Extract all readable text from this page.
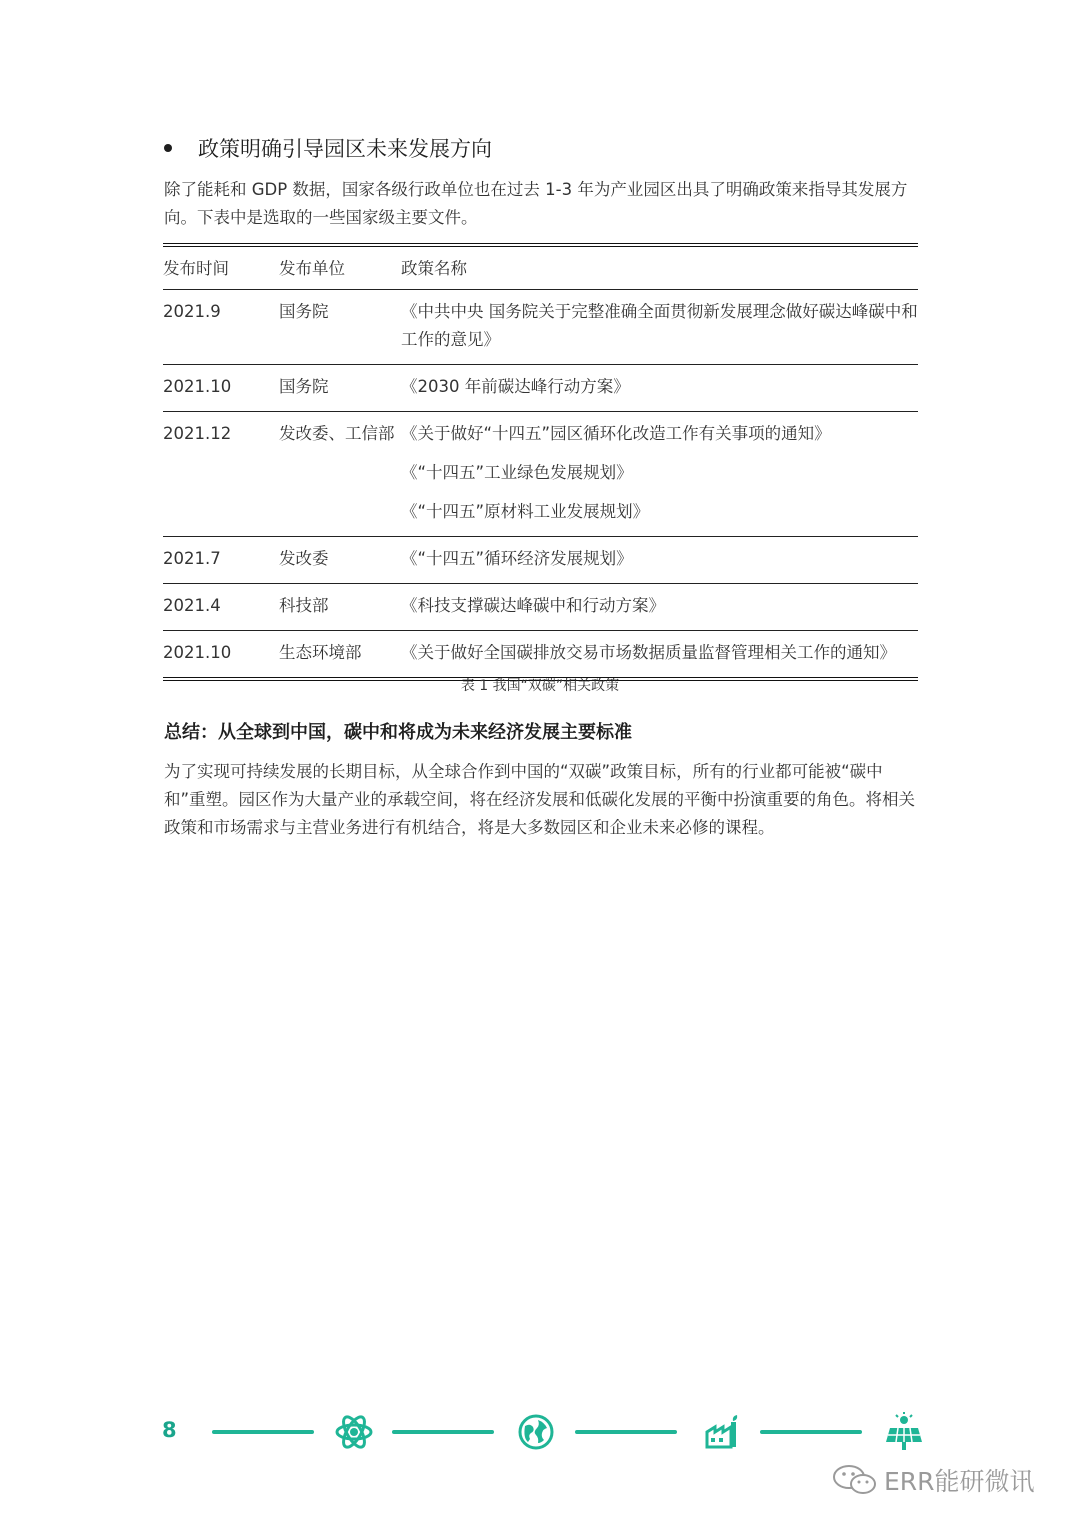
政策明确引导园区未来发展方向
除了能耗和 GDP 数据，国家各级行政单位也在过去 1-3 年为产业园区出具了明确政策来指导其发展方向。下表中是选取的一些国家级主要文件。

发布时间	发布单位	政策名称
2021.9	国务院	《中共中央 国务院关于完整准确全面贯彻新发展理念做好碳达峰碳中和工作的意见》

2021.10	国务院	《2030 年前碳达峰行动方案》

2021.12	发改委、工信部	《关于做好“十四五”园区循环化改造工作有关事项的通知》
《“十四五”工业绿色发展规划》
《“十四五”原材料工业发展规划》

2021.7	发改委	《“十四五”循环经济发展规划》

2021.4	科技部	《科技支撑碳达峰碳中和行动方案》

2021.10	生态环境部	《关于做好全国碳排放交易市场数据质量监督管理相关工作的通知》

表 1 我国“双碳”相关政策
总结：从全球到中国，碳中和将成为未来经济发展主要标准
为了实现可持续发展的长期目标，从全球合作到中国的“双碳”政策目标，所有的行业都可能被“碳中和”重塑。园区作为大量产业的承载空间，将在经济发展和低碳化发展的平衡中扮演重要的角色。将相关政策和市场需求与主营业务进行有机结合，将是大多数园区和企业未来必修的课程。
8
ERR能研微讯
